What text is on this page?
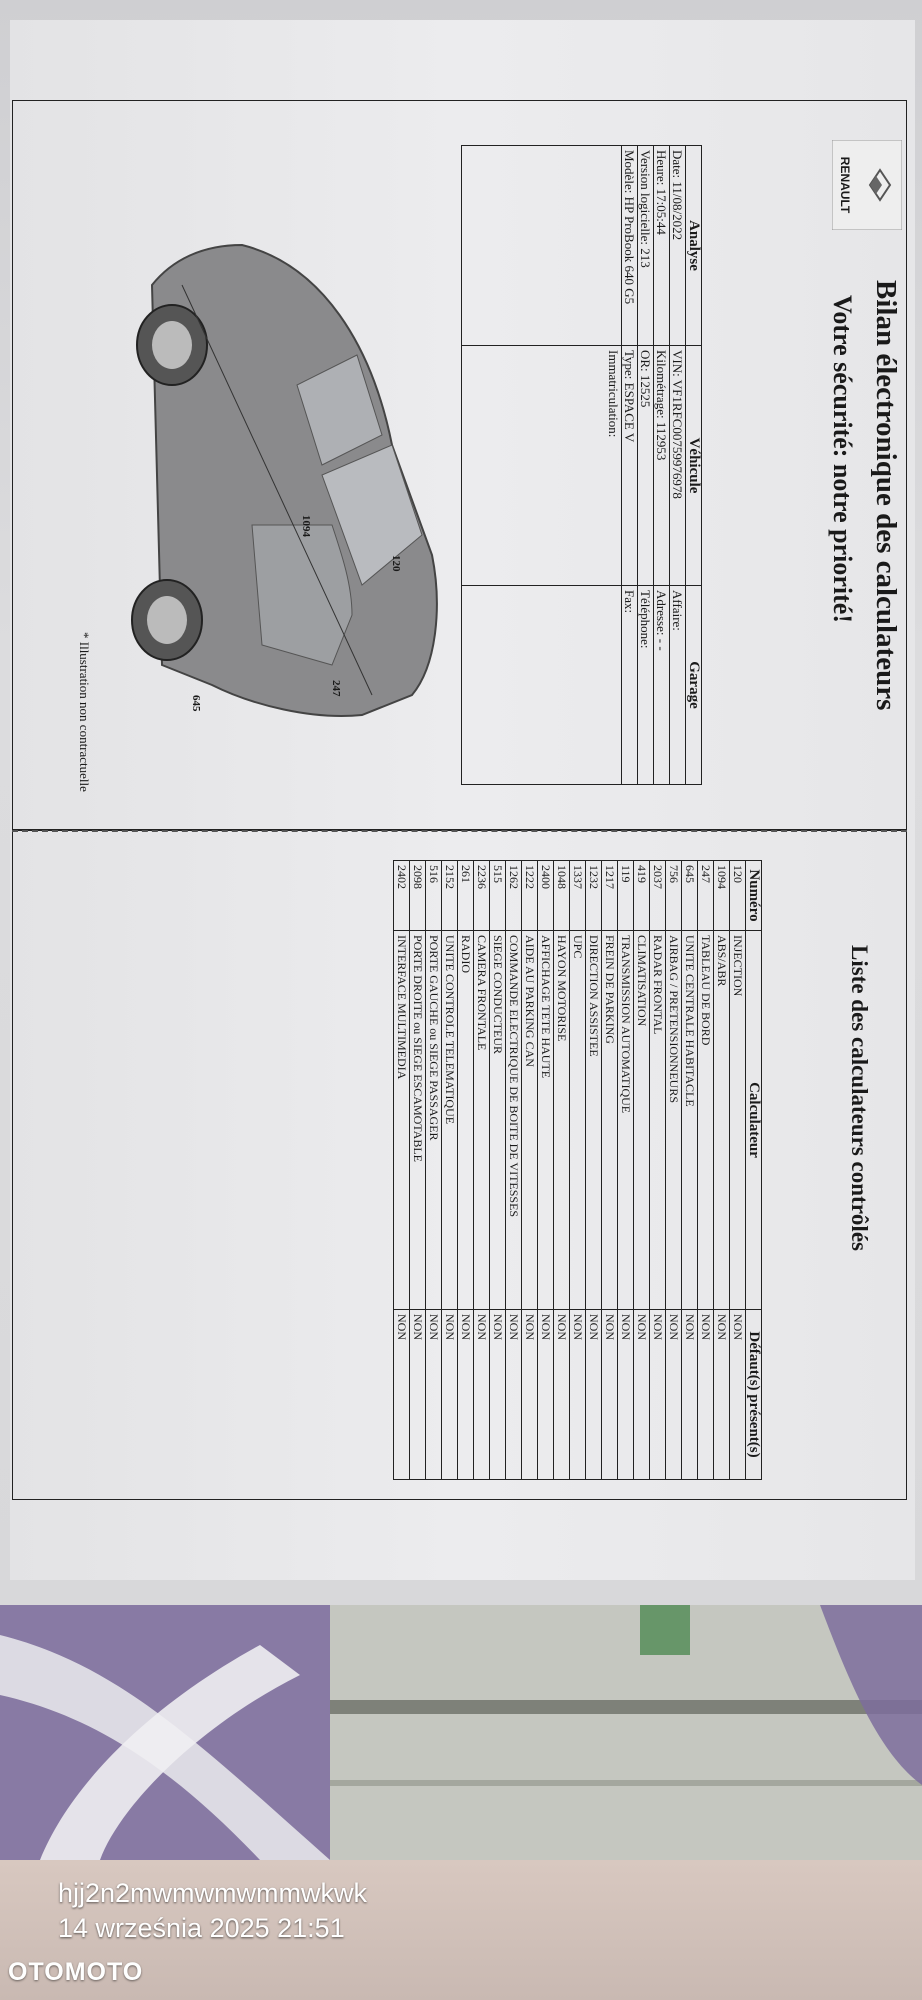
hjj2n2mwmwmwmmwkwk
14 września 2025 21:51
OTOMOTO
RENAULT
Bilan électronique des calculateurs
Votre sécurité: notre priorité!
Analyse	Véhicule	Garage
Date: 11/08/2022	VIN: VF1RFC00759976978	Affaire:
Heure: 17:05:44	Kilométrage: 112953	Adresse: - -
Version logicielle: 213	OR: 12525	Téléphone:
Modèle: HP ProBook 640 G5	Type: ESPACE V	Fax:
	Immatriculation:	
120
1094
247
645
* Illustration non contractuelle
Liste des calculateurs contrôlés
Numéro	Calculateur	Défaut(s) présent(s)
120	INJECTION	NON
1094	ABS/ABR	NON
247	TABLEAU DE BORD	NON
645	UNITE CENTRALE HABITACLE	NON
756	AIRBAG / PRETENSIONNEURS	NON
2037	RADAR FRONTAL	NON
419	CLIMATISATION	NON
119	TRANSMISSION AUTOMATIQUE	NON
1217	FREIN DE PARKING	NON
1232	DIRECTION ASSISTEE	NON
1337	UPC	NON
1048	HAYON MOTORISE	NON
2400	AFFICHAGE TETE HAUTE	NON
1222	AIDE AU PARKING CAN	NON
1262	COMMANDE ELECTRIQUE DE BOITE DE VITESSES	NON
515	SIEGE CONDUCTEUR	NON
2236	CAMERA FRONTALE	NON
261	RADIO	NON
2152	UNITE CONTROLE TELEMATIQUE	NON
516	PORTE GAUCHE ou SIEGE PASSAGER	NON
2098	PORTE DROITE ou SIEGE ESCAMOTABLE	NON
2402	INTERFACE MULTIMEDIA	NON
